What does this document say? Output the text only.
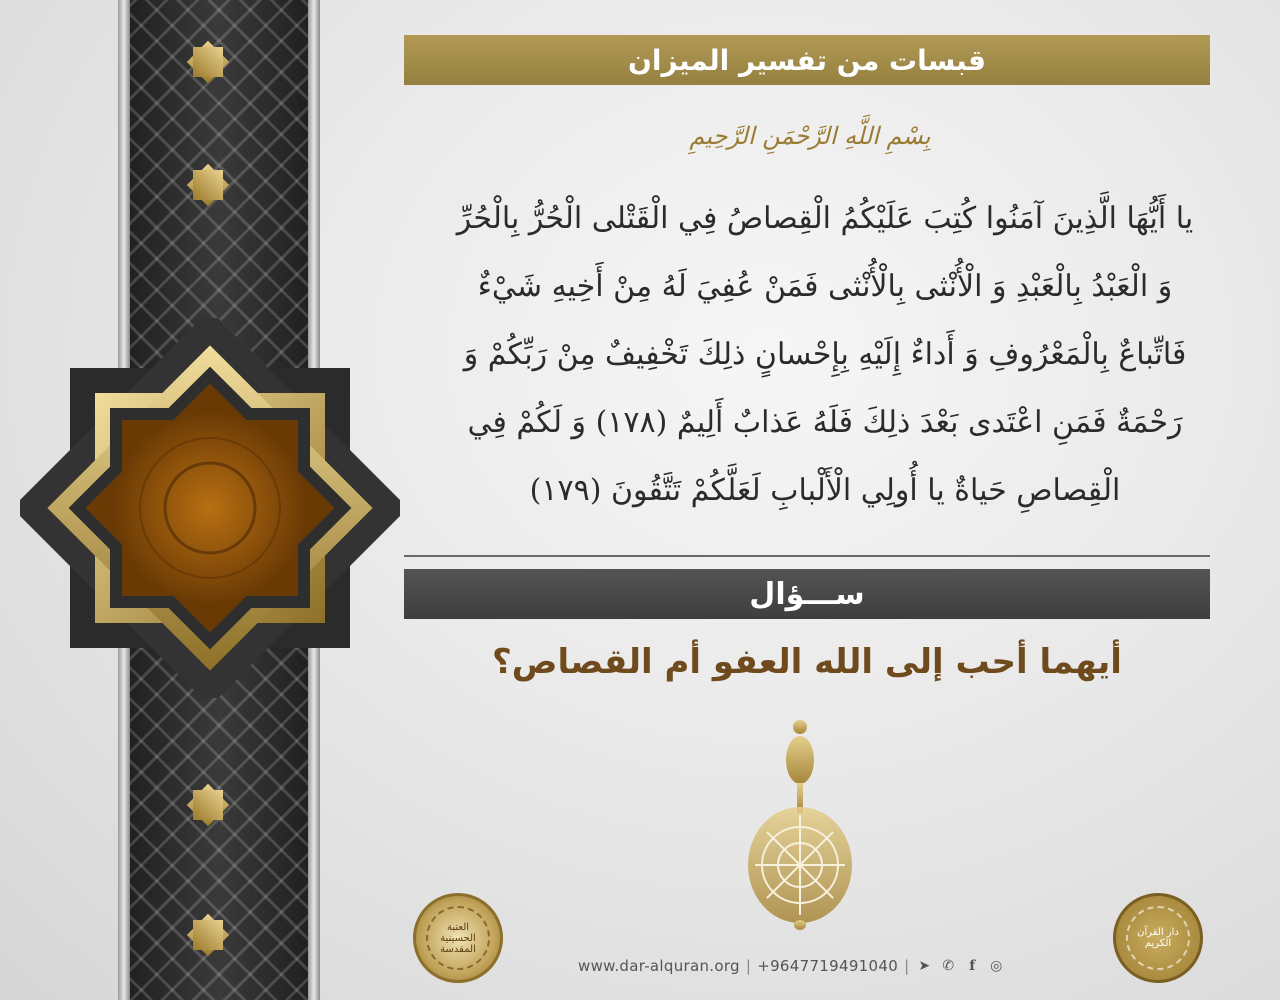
قبسات من تفسير الميزان
بِسْمِ اللَّهِ الرَّحْمَنِ الرَّحِيمِ
يا أَيُّهَا الَّذِينَ آمَنُوا كُتِبَ عَلَيْكُمُ الْقِصاصُ فِي الْقَتْلى الْحُرُّ بِالْحُرِّ
وَ الْعَبْدُ بِالْعَبْدِ وَ الْأُنْثى بِالْأُنْثى فَمَنْ عُفِيَ لَهُ مِنْ أَخِيهِ شَيْءٌ
فَاتِّباعٌ بِالْمَعْرُوفِ وَ أَداءٌ إِلَيْهِ بِإِحْسانٍ ذلِكَ تَخْفِيفٌ مِنْ رَبِّكُمْ وَ
رَحْمَةٌ فَمَنِ اعْتَدى بَعْدَ ذلِكَ فَلَهُ عَذابٌ أَلِيمٌ (١٧٨) وَ لَكُمْ فِي
الْقِصاصِ حَياةٌ يا أُولِي الْأَلْبابِ لَعَلَّكُمْ تَتَّقُونَ (١٧٩)
ســـؤال
أيهما أحب إلى الله العفو أم القصاص؟
العتبة الحسينية المقدسة
دار القرآن الكريم
www.dar-alquran.org | +9647719491040 | ➤ ✆	f	◎
